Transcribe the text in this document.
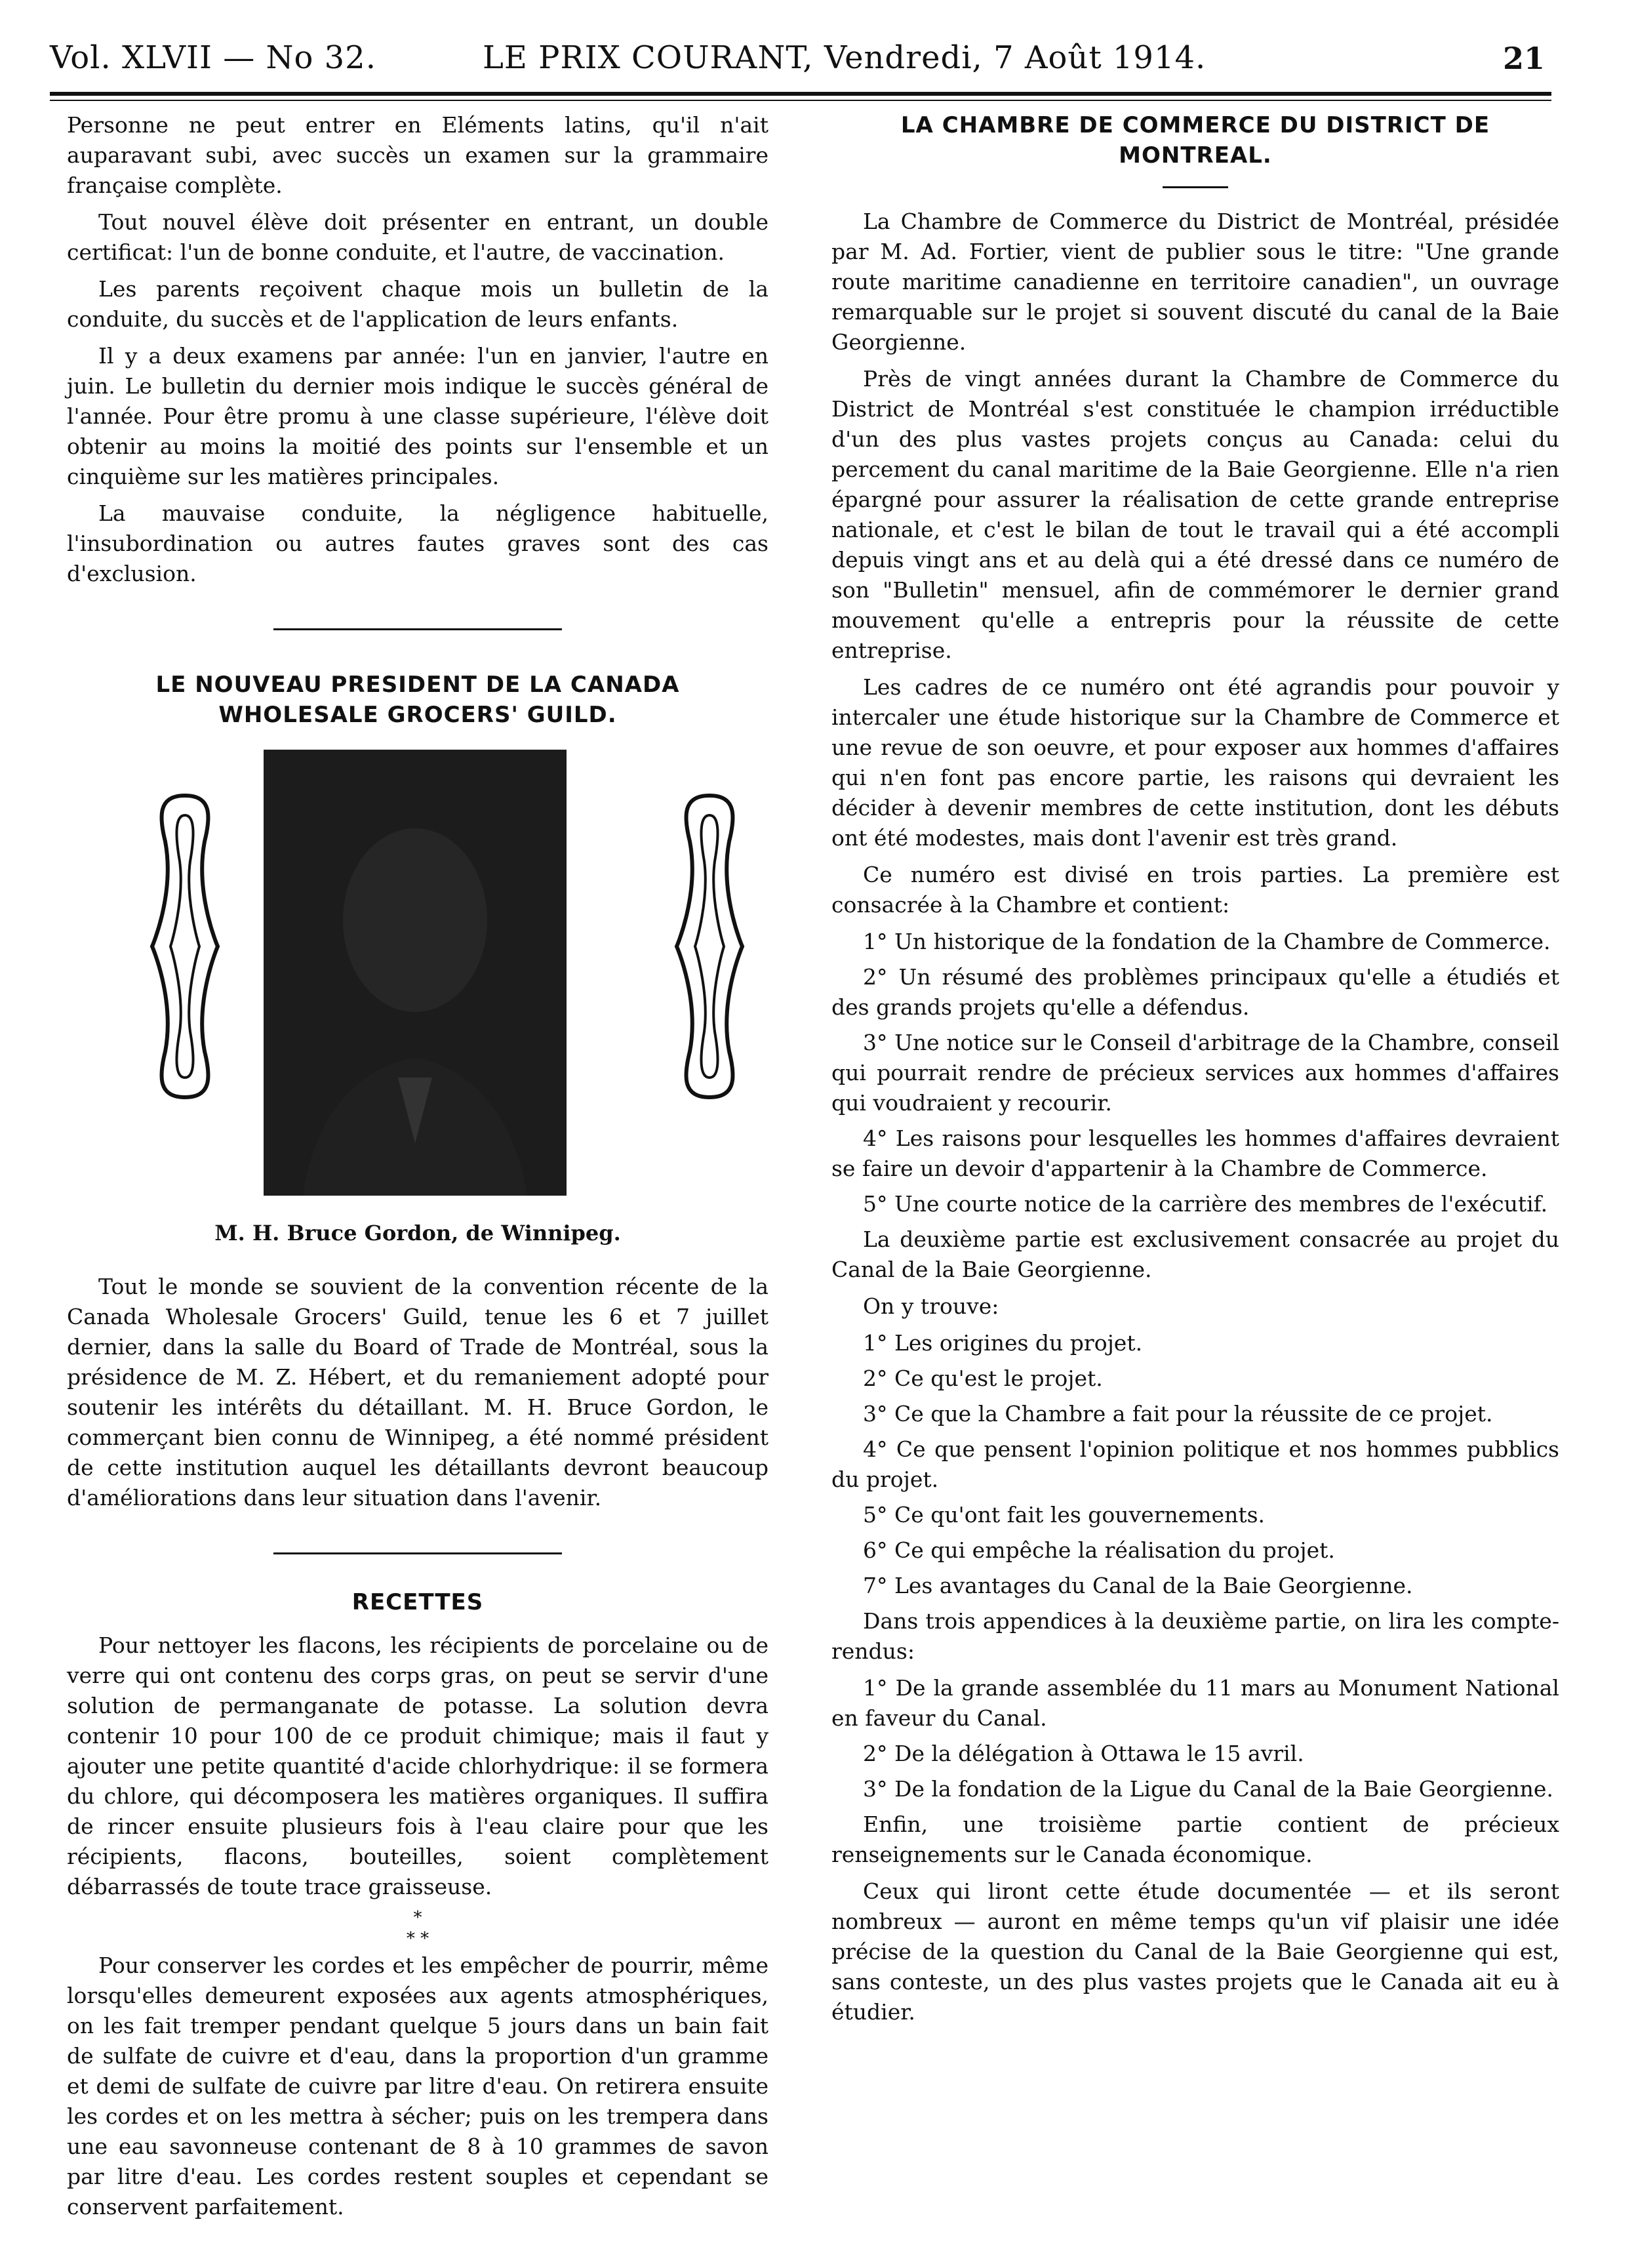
Vol. XLVII — No 32.	LE PRIX COURANT, Vendredi, 7 Août 1914.	21

Personne ne peut entrer en Eléments latins, qu'il n'ait auparavant subi, avec succès un examen sur la grammaire française complète.

Tout nouvel élève doit présenter en entrant, un double certificat: l'un de bonne conduite, et l'autre, de vaccination.

Les parents reçoivent chaque mois un bulletin de la conduite, du succès et de l'application de leurs enfants.

Il y a deux examens par année: l'un en janvier, l'autre en juin. Le bulletin du dernier mois indique le succès général de l'année. Pour être promu à une classe supérieure, l'élève doit obtenir au moins la moitié des points sur l'ensemble et un cinquième sur les matières principales.

La mauvaise conduite, la négligence habituelle, l'insubordination ou autres fautes graves sont des cas d'exclusion.

LE NOUVEAU PRESIDENT DE LA CANADA WHOLESALE GROCERS' GUILD.
M. H. Bruce Gordon, de Winnipeg.

Tout le monde se souvient de la convention récente de la Canada Wholesale Grocers' Guild, tenue les 6 et 7 juillet dernier, dans la salle du Board of Trade de Montréal, sous la présidence de M. Z. Hébert, et du remaniement adopté pour soutenir les intérêts du détaillant. M. H. Bruce Gordon, le commerçant bien connu de Winnipeg, a été nommé président de cette institution auquel les détaillants devront beaucoup d'améliorations dans leur situation dans l'avenir.

RECETTES

Pour nettoyer les flacons, les récipients de porcelaine ou de verre qui ont contenu des corps gras, on peut se servir d'une solution de permanganate de potasse. La solution devra contenir 10 pour 100 de ce produit chimique; mais il faut y ajouter une petite quantité d'acide chlorhydrique: il se formera du chlore, qui décomposera les matières organiques. Il suffira de rincer ensuite plusieurs fois à l'eau claire pour que les récipients, flacons, bouteilles, soient complètement débarrassés de toute trace graisseuse.

*
* *

Pour conserver les cordes et les empêcher de pourrir, même lorsqu'elles demeurent exposées aux agents atmosphériques, on les fait tremper pendant quelque 5 jours dans un bain fait de sulfate de cuivre et d'eau, dans la proportion d'un gramme et demi de sulfate de cuivre par litre d'eau. On retirera ensuite les cordes et on les mettra à sécher; puis on les trempera dans une eau savonneuse contenant de 8 à 10 grammes de savon par litre d'eau. Les cordes restent souples et cependant se conservent parfaitement.

LA CHAMBRE DE COMMERCE DU DISTRICT DE MONTREAL.

La Chambre de Commerce du District de Montréal, présidée par M. Ad. Fortier, vient de publier sous le titre: "Une grande route maritime canadienne en territoire canadien", un ouvrage remarquable sur le projet si souvent discuté du canal de la Baie Georgienne.

Près de vingt années durant la Chambre de Commerce du District de Montréal s'est constituée le champion irréductible d'un des plus vastes projets conçus au Canada: celui du percement du canal maritime de la Baie Georgienne. Elle n'a rien épargné pour assurer la réalisation de cette grande entreprise nationale, et c'est le bilan de tout le travail qui a été accompli depuis vingt ans et au delà qui a été dressé dans ce numéro de son "Bulletin" mensuel, afin de commémorer le dernier grand mouvement qu'elle a entrepris pour la réussite de cette entreprise.

Les cadres de ce numéro ont été agrandis pour pouvoir y intercaler une étude historique sur la Chambre de Commerce et une revue de son oeuvre, et pour exposer aux hommes d'affaires qui n'en font pas encore partie, les raisons qui devraient les décider à devenir membres de cette institution, dont les débuts ont été modestes, mais dont l'avenir est très grand.

Ce numéro est divisé en trois parties. La première est consacrée à la Chambre et contient:

1° Un historique de la fondation de la Chambre de Commerce.

2° Un résumé des problèmes principaux qu'elle a étudiés et des grands projets qu'elle a défendus.

3° Une notice sur le Conseil d'arbitrage de la Chambre, conseil qui pourrait rendre de précieux services aux hommes d'affaires qui voudraient y recourir.

4° Les raisons pour lesquelles les hommes d'affaires devraient se faire un devoir d'appartenir à la Chambre de Commerce.

5° Une courte notice de la carrière des membres de l'exécutif.

La deuxième partie est exclusivement consacrée au projet du Canal de la Baie Georgienne.

On y trouve:

1° Les origines du projet.

2° Ce qu'est le projet.

3° Ce que la Chambre a fait pour la réussite de ce projet.

4° Ce que pensent l'opinion politique et nos hommes pubblics du projet.

5° Ce qu'ont fait les gouvernements.

6° Ce qui empêche la réalisation du projet.

7° Les avantages du Canal de la Baie Georgienne.

Dans trois appendices à la deuxième partie, on lira les compte-rendus:

1° De la grande assemblée du 11 mars au Monument National en faveur du Canal.

2° De la délégation à Ottawa le 15 avril.

3° De la fondation de la Ligue du Canal de la Baie Georgienne.

Enfin, une troisième partie contient de précieux renseignements sur le Canada économique.

Ceux qui liront cette étude documentée — et ils seront nombreux — auront en même temps qu'un vif plaisir une idée précise de la question du Canal de la Baie Georgienne qui est, sans conteste, un des plus vastes projets que le Canada ait eu à étudier.
